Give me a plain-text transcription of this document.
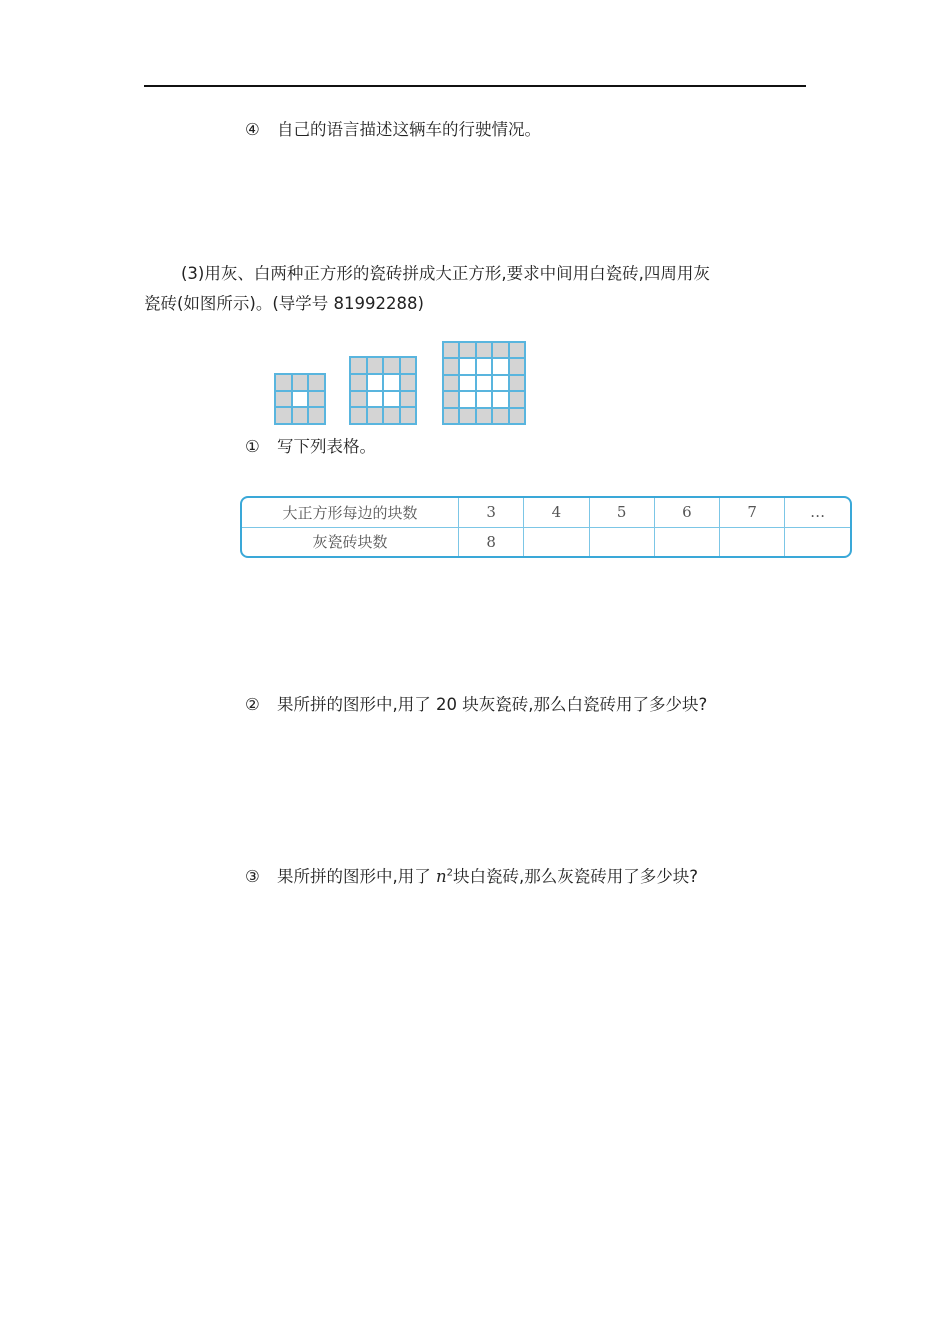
④ 自己的语言描述这辆车的行驶情况。
(3)用灰、白两种正方形的瓷砖拼成大正方形,要求中间用白瓷砖,四周用灰
瓷砖(如图所示)。(导学号 81992288)
① 写下列表格。
大正方形每边的块数	3	4	5	6	7	…
灰瓷砖块数	8					
② 果所拼的图形中,用了 20 块灰瓷砖,那么白瓷砖用了多少块?
③ 果所拼的图形中,用了 $n^2$块白瓷砖,那么灰瓷砖用了多少块?
